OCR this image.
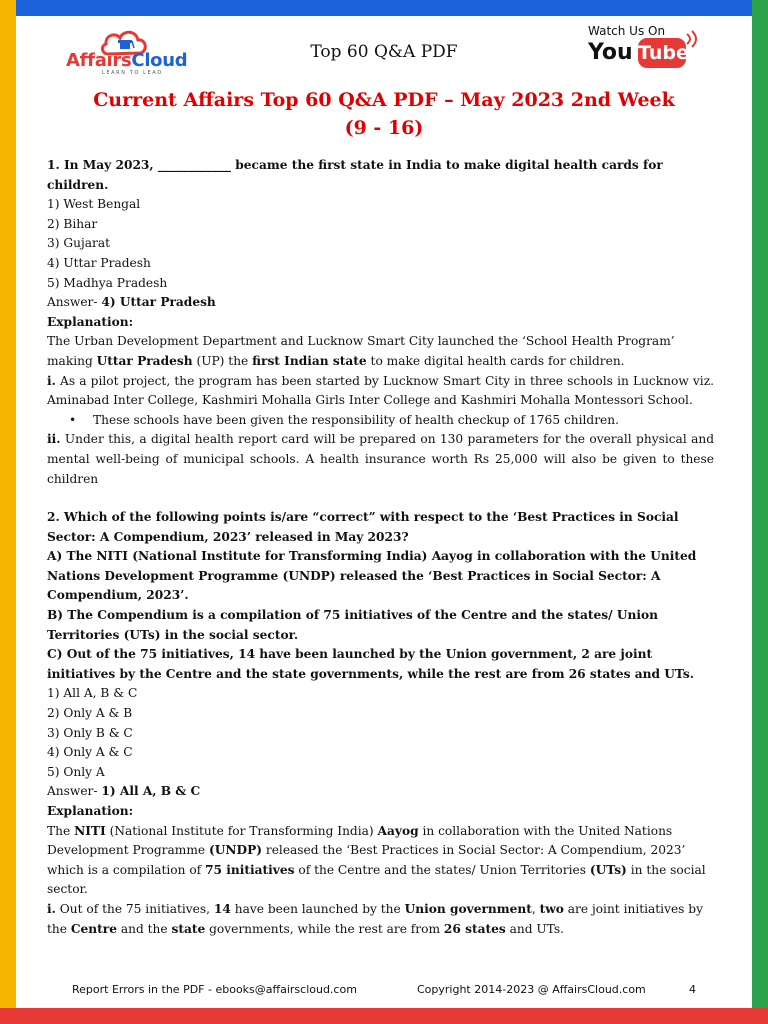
AffairsCloud
LEARN TO LEAD
Top 60 Q&A PDF
Watch Us On
You Tube
Current Affairs Top 60 Q&A PDF – May 2023 2nd Week
(9 - 16)

1. In May 2023, ____________ became the first state in India to make digital health cards for
children.

1) West Bengal

2) Bihar

3) Gujarat

4) Uttar Pradesh

5) Madhya Pradesh

Answer- 4) Uttar Pradesh

Explanation:

The Urban Development Department and Lucknow Smart City launched the ‘School Health Program’ making Uttar Pradesh (UP) the first Indian state to make digital health cards for children.

i. As a pilot project, the program has been started by Lucknow Smart City in three schools in Lucknow viz. Aminabad Inter College, Kashmiri Mohalla Girls Inter College and Kashmiri Mohalla Montessori School.

• These schools have been given the responsibility of health checkup of 1765 children.

ii. Under this, a digital health report card will be prepared on 130 parameters for the overall physical and mental well-being of municipal schools. A health insurance worth Rs 25,000 will also be given to these children

2. Which of the following points is/are “correct” with respect to the ‘Best Practices in Social Sector: A Compendium, 2023’ released in May 2023?

A) The NITI (National Institute for Transforming India) Aayog in collaboration with the United Nations Development Programme (UNDP) released the ‘Best Practices in Social Sector: A Compendium, 2023’.

B) The Compendium is a compilation of 75 initiatives of the Centre and the states/ Union Territories (UTs) in the social sector.

C) Out of the 75 initiatives, 14 have been launched by the Union government, 2 are joint initiatives by the Centre and the state governments, while the rest are from 26 states and UTs.

1) All A, B & C

2) Only A & B

3) Only B & C

4) Only A & C

5) Only A

Answer- 1) All A, B & C

Explanation:

The NITI (National Institute for Transforming India) Aayog in collaboration with the United Nations Development Programme (UNDP) released the ‘Best Practices in Social Sector: A Compendium, 2023’ which is a compilation of 75 initiatives of the Centre and the states/ Union Territories (UTs) in the social sector.

i. Out of the 75 initiatives, 14 have been launched by the Union government, two are joint initiatives by the Centre and the state governments, while the rest are from 26 states and UTs.

Report Errors in the PDF - ebooks@affairscloud.com	Copyright 2014-2023 @ AffairsCloud.com	4
